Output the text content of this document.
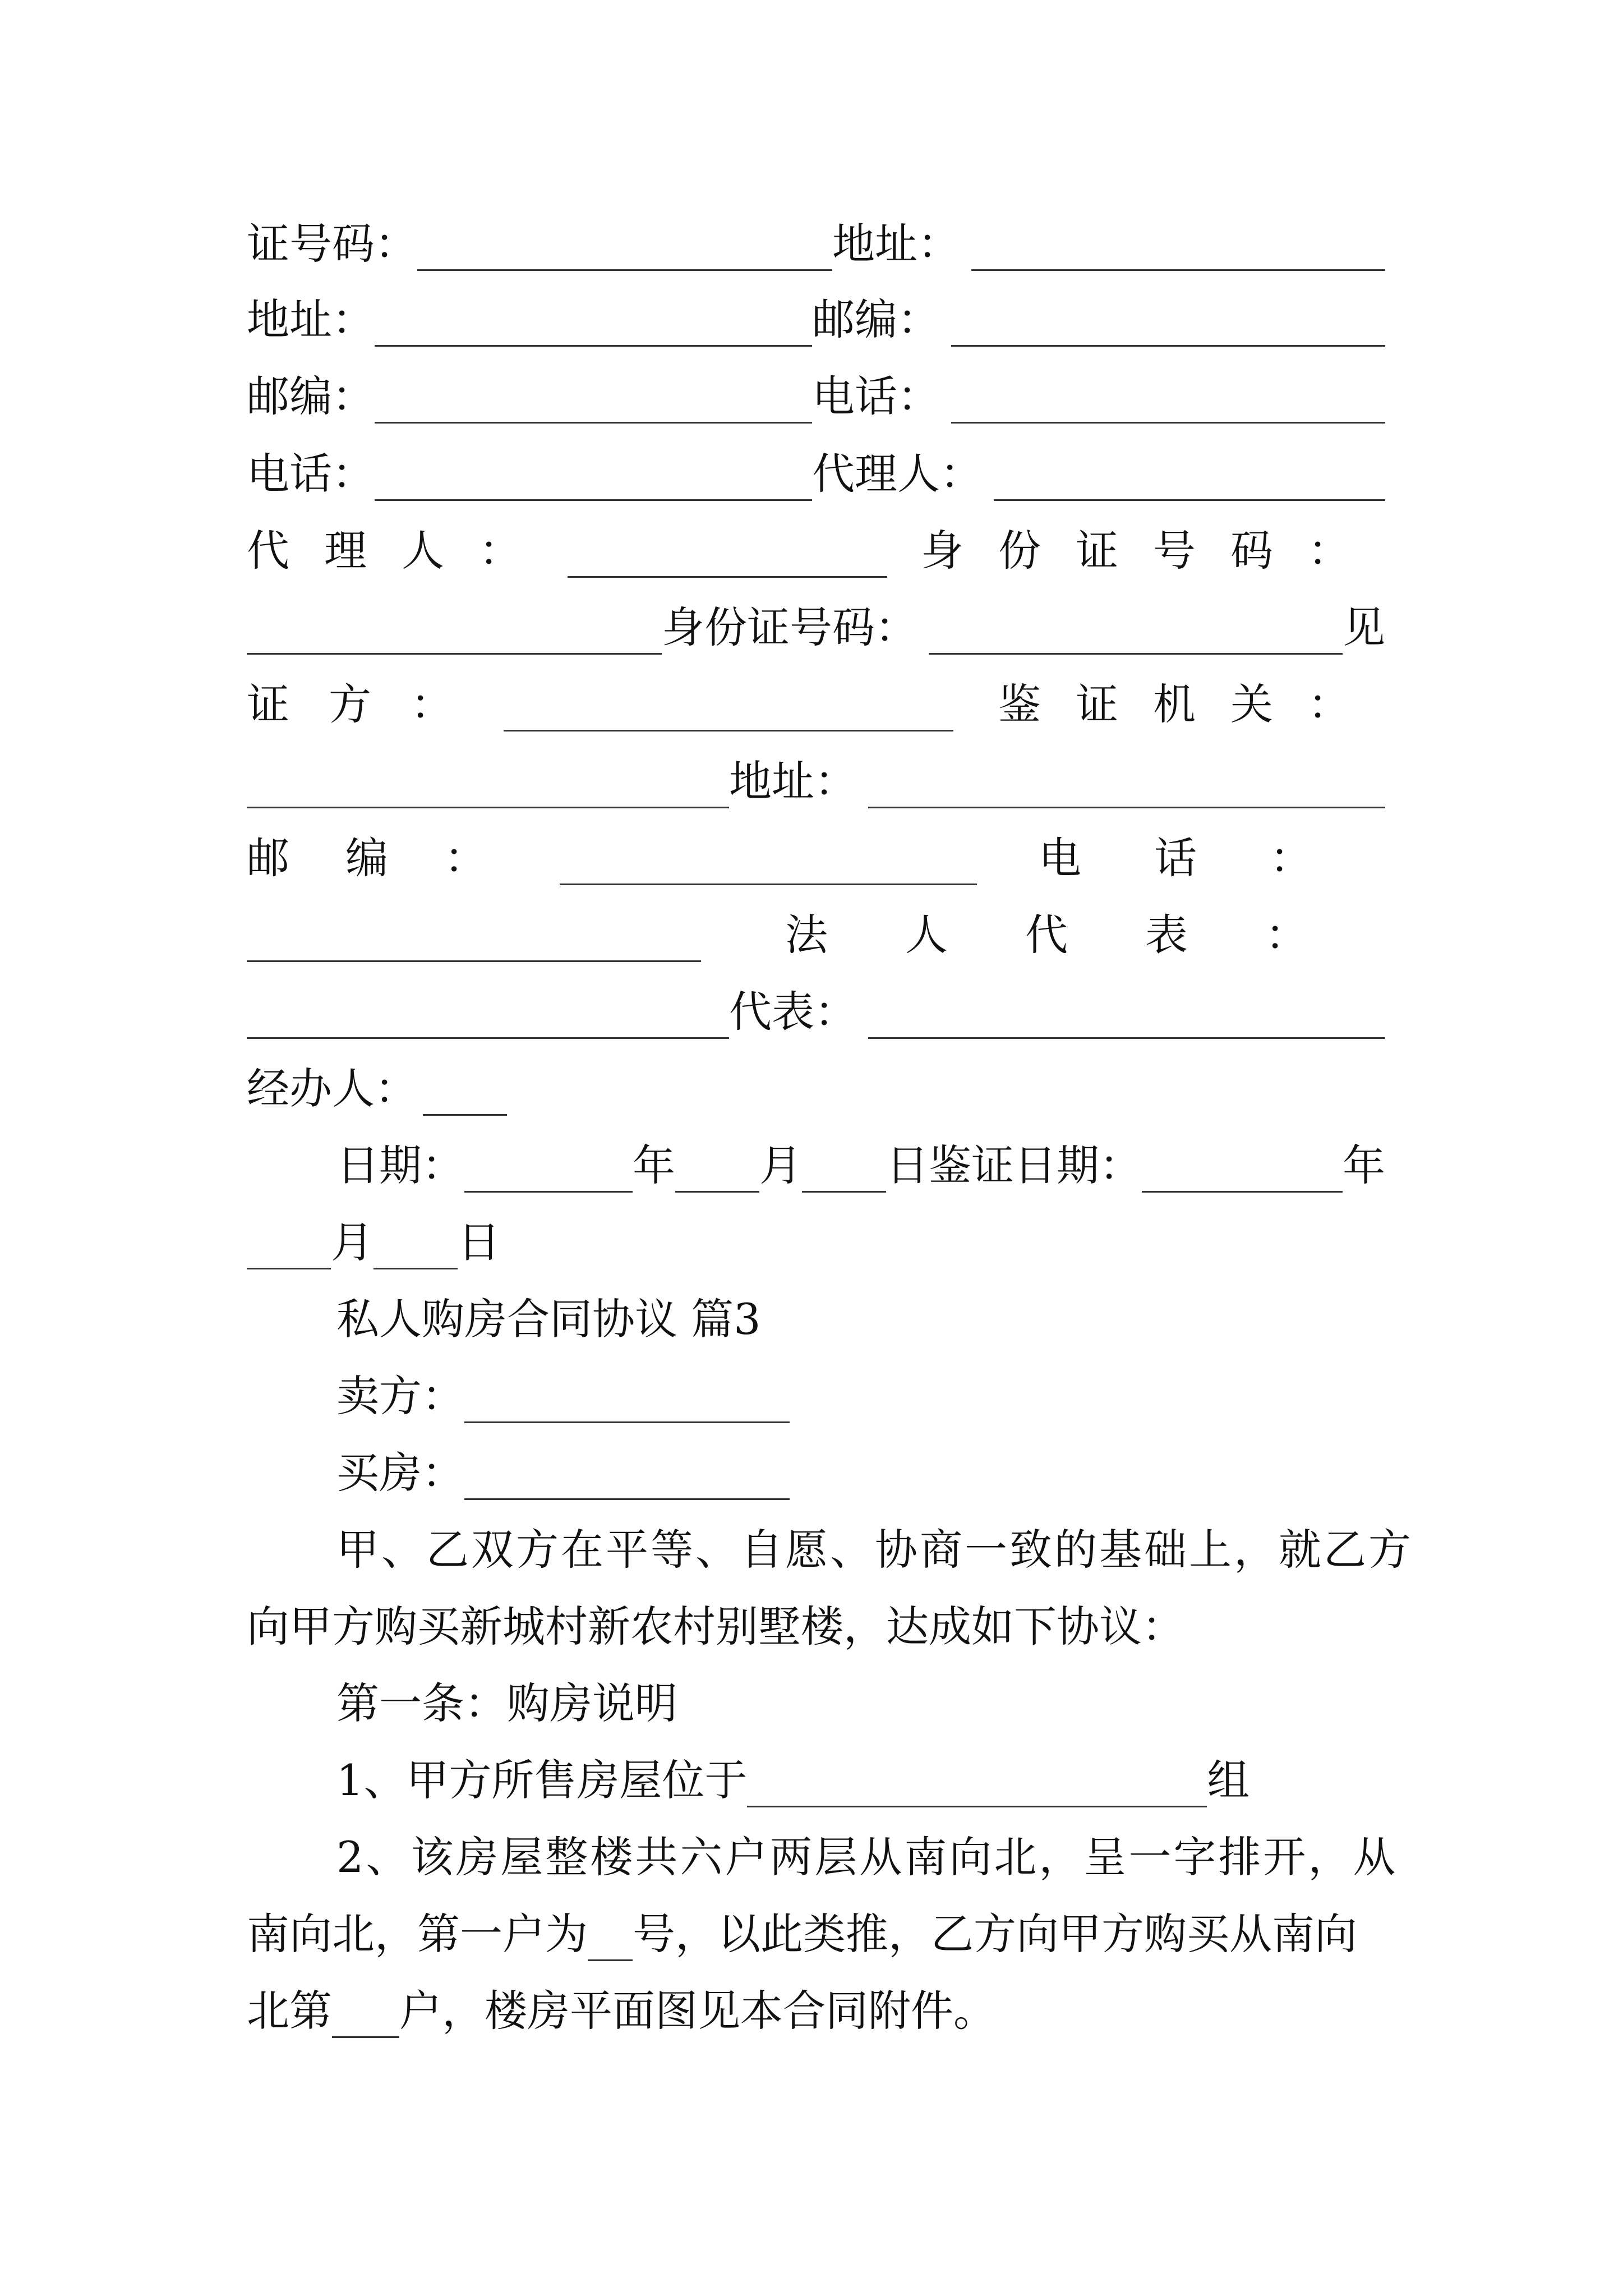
证号码：	地址：
地址：	邮编：
邮编：	电话：
电话：	代理人：
代理人：	身份证号码：
身份证号码：	见
证方：	鉴证机关：
地址：
邮编：	电话：
法人代表：
代表：
经办人：
日期：	年 月 日鉴证日期：	年
月 日
私人购房合同协议 篇3
卖方：
买房：
甲、乙双方在平等、自愿、协商一致的基础上，就乙方
向甲方购买新城村新农村别墅楼，达成如下协议：
第一条：购房说明
1、甲方所售房屋位于	组
2、该房屋整楼共六户两层从南向北，呈一字排开，从
南向北，第一户为 号，以此类推，乙方向甲方购买从南向
北第 户，楼房平面图见本合同附件。
